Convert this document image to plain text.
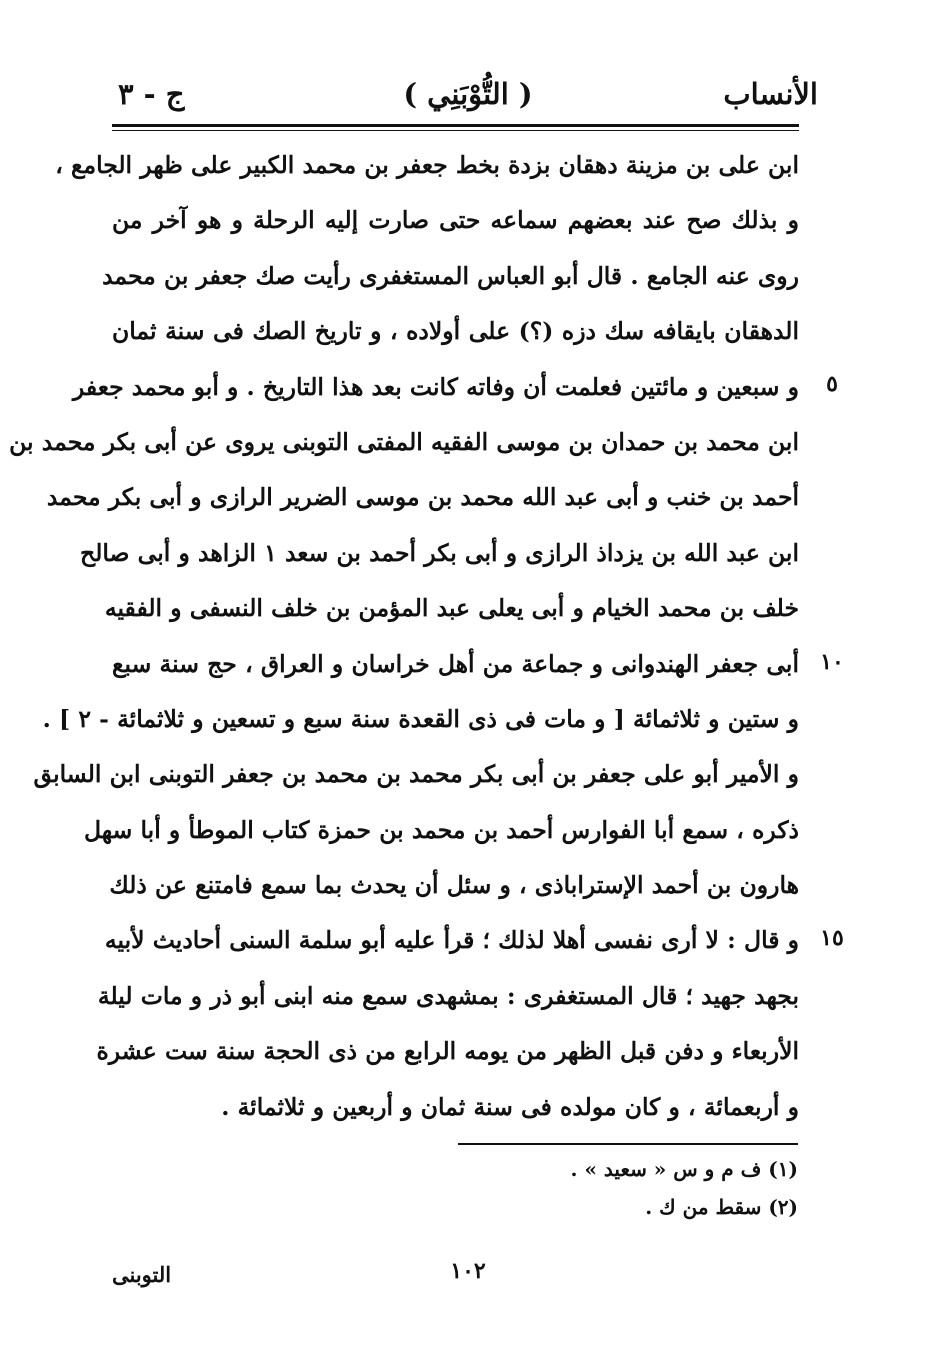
الأنساب
( التُّوْبَنِي )
ج - ٣
ابن على بن مزينة دهقان بزدة بخط جعفر بن محمد الكبير على ظهر الجامع ،
و بذلك صح عند بعضهم سماعه حتى صارت إليه الرحلة و هو آخر من
روى عنه الجامع . قال أبو العباس المستغفرى رأيت صك جعفر بن محمد
الدهقان بايقافه سك دزه (؟) على أولاده ، و تاريخ الصك فى سنة ثمان
و سبعين و مائتين فعلمت أن وفاته كانت بعد هذا التاريخ . و أبو محمد جعفر
ابن محمد بن حمدان بن موسى الفقيه المفتى التوبنى يروى عن أبى بكر محمد بن
أحمد بن خنب و أبى عبد الله محمد بن موسى الضرير الرازى و أبى بكر محمد
ابن عبد الله بن يزداذ الرازى و أبى بكر أحمد بن سعد ١ الزاهد و أبى صالح
خلف بن محمد الخيام و أبى يعلى عبد المؤمن بن خلف النسفى و الفقيه
أبى جعفر الهندوانى و جماعة من أهل خراسان و العراق ، حج سنة سبع
و ستين و ثلاثمائة [ و مات فى ذى القعدة سنة سبع و تسعين و ثلاثمائة - ٢ ] .
و الأمير أبو على جعفر بن أبى بكر محمد بن محمد بن جعفر التوبنى ابن السابق
ذكره ، سمع أبا الفوارس أحمد بن محمد بن حمزة كتاب الموطأ و أبا سهل
هارون بن أحمد الإستراباذى ، و سئل أن يحدث بما سمع فامتنع عن ذلك
و قال : لا أرى نفسى أهلا لذلك ؛ قرأ عليه أبو سلمة السنى أحاديث لأبيه
بجهد جهيد ؛ قال المستغفرى : بمشهدى سمع منه ابنى أبو ذر و مات ليلة
الأربعاء و دفن قبل الظهر من يومه الرابع من ذى الحجة سنة ست عشرة
و أربعمائة ، و كان مولده فى سنة ثمان و أربعين و ثلاثمائة .
٥
١٠
١٥
(١) ف م و س « سعيد » .
(٢) سقط من ك .
التوبنى	١٠٢
